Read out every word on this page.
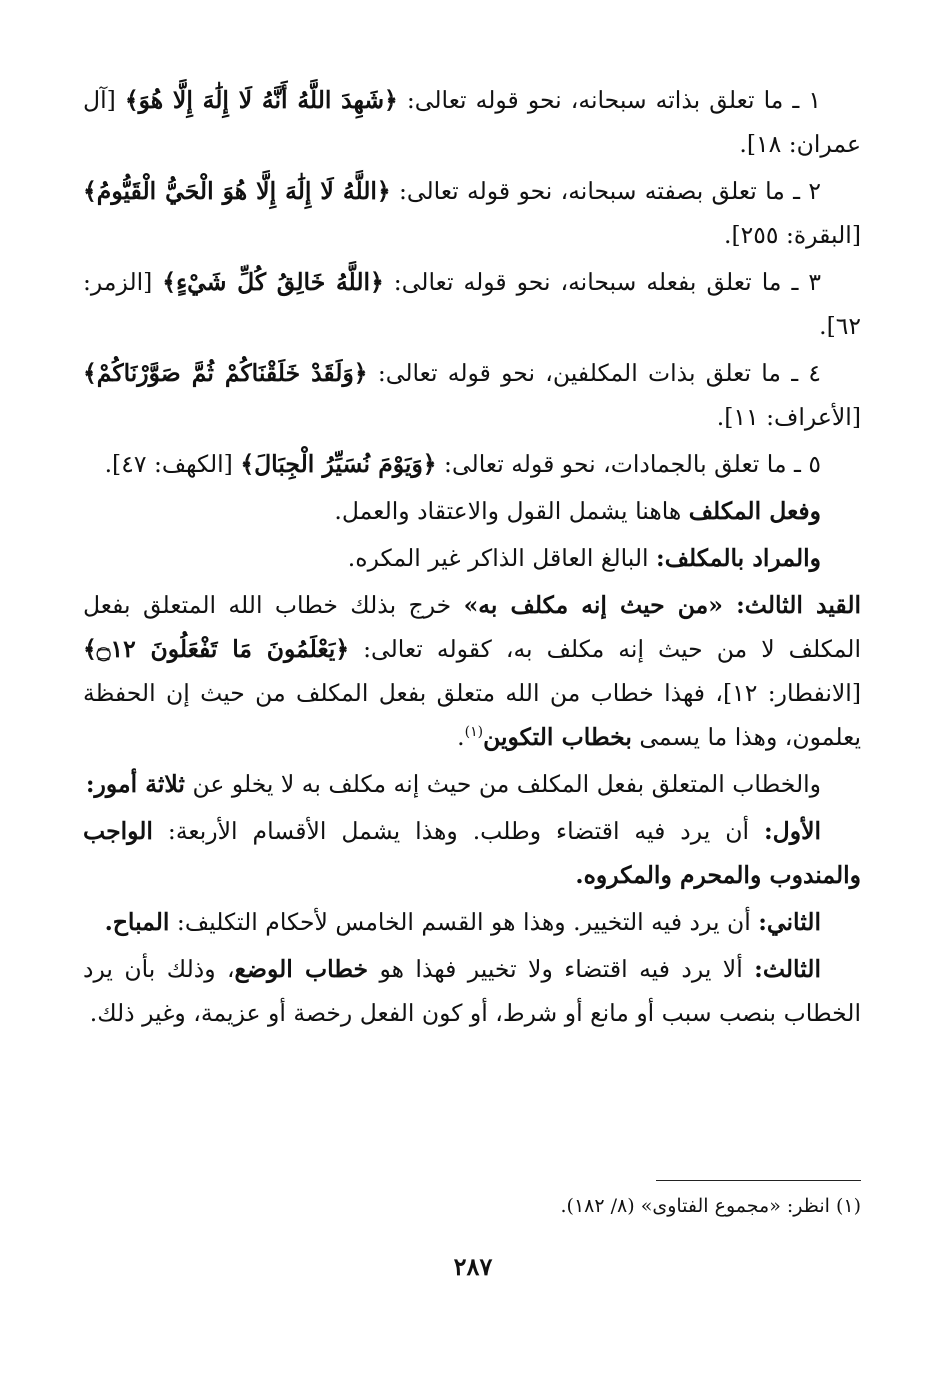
١ ـ ما تعلق بذاته سبحانه، نحو قوله تعالى: ﴿شَهِدَ اللَّهُ أَنَّهُ لَا إِلَٰهَ إِلَّا هُوَ﴾ [آل عمران: ١٨].

٢ ـ ما تعلق بصفته سبحانه، نحو قوله تعالى: ﴿اللَّهُ لَا إِلَٰهَ إِلَّا هُوَ الْحَيُّ الْقَيُّومُ﴾ [البقرة: ٢٥٥].

٣ ـ ما تعلق بفعله سبحانه، نحو قوله تعالى: ﴿اللَّهُ خَالِقُ كُلِّ شَيْءٍ﴾ [الزمر: ٦٢].

٤ ـ ما تعلق بذات المكلفين، نحو قوله تعالى: ﴿وَلَقَدْ خَلَقْنَاكُمْ ثُمَّ صَوَّرْنَاكُمْ﴾ [الأعراف: ١١].

٥ ـ ما تعلق بالجمادات، نحو قوله تعالى: ﴿وَيَوْمَ نُسَيِّرُ الْجِبَالَ﴾ [الكهف: ٤٧].

وفعل المكلف هاهنا يشمل القول والاعتقاد والعمل.

والمراد بالمكلف: البالغ العاقل الذاكر غير المكره.

القيد الثالث: «من حيث إنه مكلف به» خرج بذلك خطاب الله المتعلق بفعل المكلف لا من حيث إنه مكلف به، كقوله تعالى: ﴿يَعْلَمُونَ مَا تَفْعَلُونَ ۝١٢﴾ [الانفطار: ١٢]، فهذا خطاب من الله متعلق بفعل المكلف من حيث إن الحفظة يعلمون، وهذا ما يسمى بخطاب التكوين$^{(١)}$.

والخطاب المتعلق بفعل المكلف من حيث إنه مكلف به لا يخلو عن ثلاثة أمور:

الأول: أن يرد فيه اقتضاء وطلب. وهذا يشمل الأقسام الأربعة: الواجب والمندوب والمحرم والمكروه.

الثاني: أن يرد فيه التخيير. وهذا هو القسم الخامس لأحكام التكليف: المباح.

الثالث: ألا يرد فيه اقتضاء ولا تخيير فهذا هو خطاب الوضع، وذلك بأن يرد الخطاب بنصب سبب أو مانع أو شرط، أو كون الفعل رخصة أو عزيمة، وغير ذلك.

(١) انظر: «مجموع الفتاوى» (٨/ ١٨٢).
٢٨٧
